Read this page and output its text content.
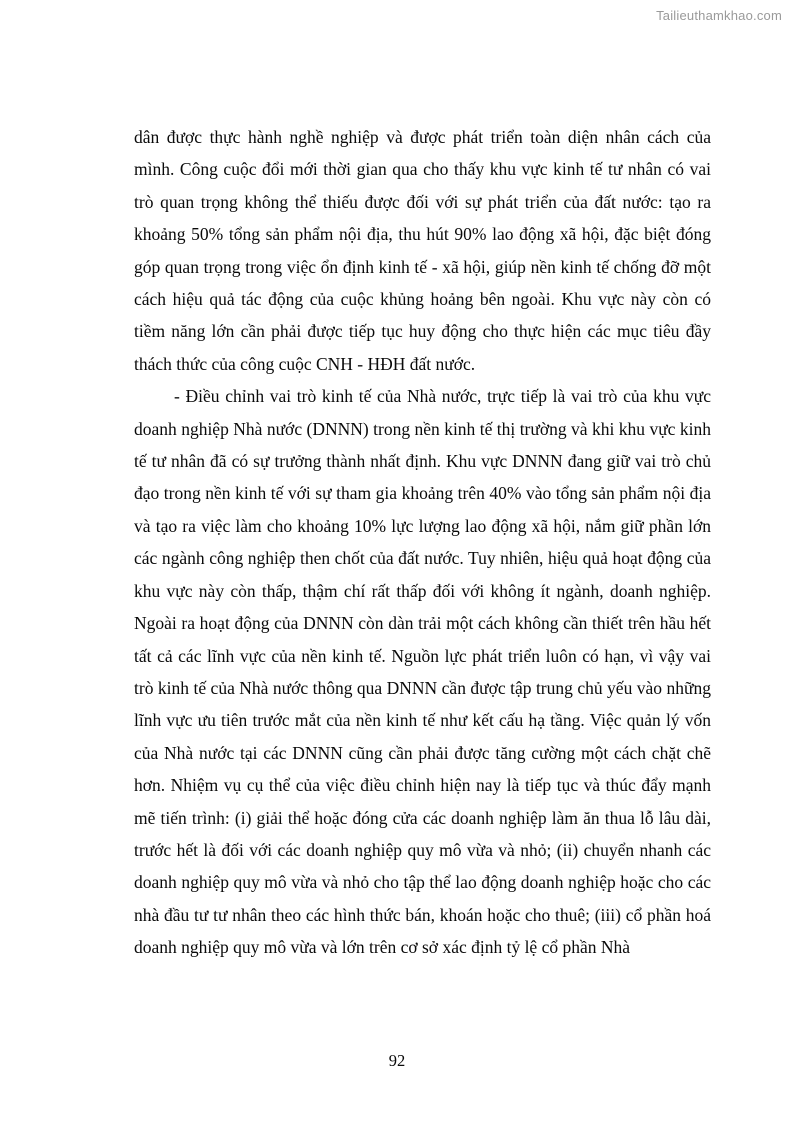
Tailieuthamkhao.com

dân được thực hành nghề nghiệp và được phát triển toàn diện nhân cách của mình. Công cuộc đổi mới thời gian qua cho thấy khu vực kinh tế tư nhân có vai trò quan trọng không thể thiếu được đối với sự phát triển của đất nước: tạo ra khoảng 50% tổng sản phẩm nội địa, thu hút 90% lao động xã hội, đặc biệt đóng góp quan trọng trong việc ổn định kinh tế - xã hội, giúp nền kinh tế chống đỡ một cách hiệu quả tác động của cuộc khủng hoảng bên ngoài. Khu vực này còn có tiềm năng lớn cần phải được tiếp tục huy động cho thực hiện các mục tiêu đầy thách thức của công cuộc CNH - HĐH đất nước.

- Điều chỉnh vai trò kinh tế của Nhà nước, trực tiếp là vai trò của khu vực doanh nghiệp Nhà nước (DNNN) trong nền kinh tế thị trường và khi khu vực kinh tế tư nhân đã có sự trưởng thành nhất định. Khu vực DNNN đang giữ vai trò chủ đạo trong nền kinh tế với sự tham gia khoảng trên 40% vào tổng sản phẩm nội địa và tạo ra việc làm cho khoảng 10% lực lượng lao động xã hội, nắm giữ phần lớn các ngành công nghiệp then chốt của đất nước. Tuy nhiên, hiệu quả hoạt động của khu vực này còn thấp, thậm chí rất thấp đối với không ít ngành, doanh nghiệp. Ngoài ra hoạt động của DNNN còn dàn trải một cách không cần thiết trên hầu hết tất cả các lĩnh vực của nền kinh tế. Nguồn lực phát triển luôn có hạn, vì vậy vai trò kinh tế của Nhà nước thông qua DNNN cần được tập trung chủ yếu vào những lĩnh vực ưu tiên trước mắt của nền kinh tế như kết cấu hạ tầng. Việc quản lý vốn của Nhà nước tại các DNNN cũng cần phải được tăng cường một cách chặt chẽ hơn. Nhiệm vụ cụ thể của việc điều chỉnh hiện nay là tiếp tục và thúc đẩy mạnh mẽ tiến trình: (i) giải thể hoặc đóng cửa các doanh nghiệp làm ăn thua lỗ lâu dài, trước hết là đối với các doanh nghiệp quy mô vừa và nhỏ; (ii) chuyển nhanh các doanh nghiệp quy mô vừa và nhỏ cho tập thể lao động doanh nghiệp hoặc cho các nhà đầu tư tư nhân theo các hình thức bán, khoán hoặc cho thuê; (iii) cổ phần hoá doanh nghiệp quy mô vừa và lớn trên cơ sở xác định tỷ lệ cổ phần Nhà

92
